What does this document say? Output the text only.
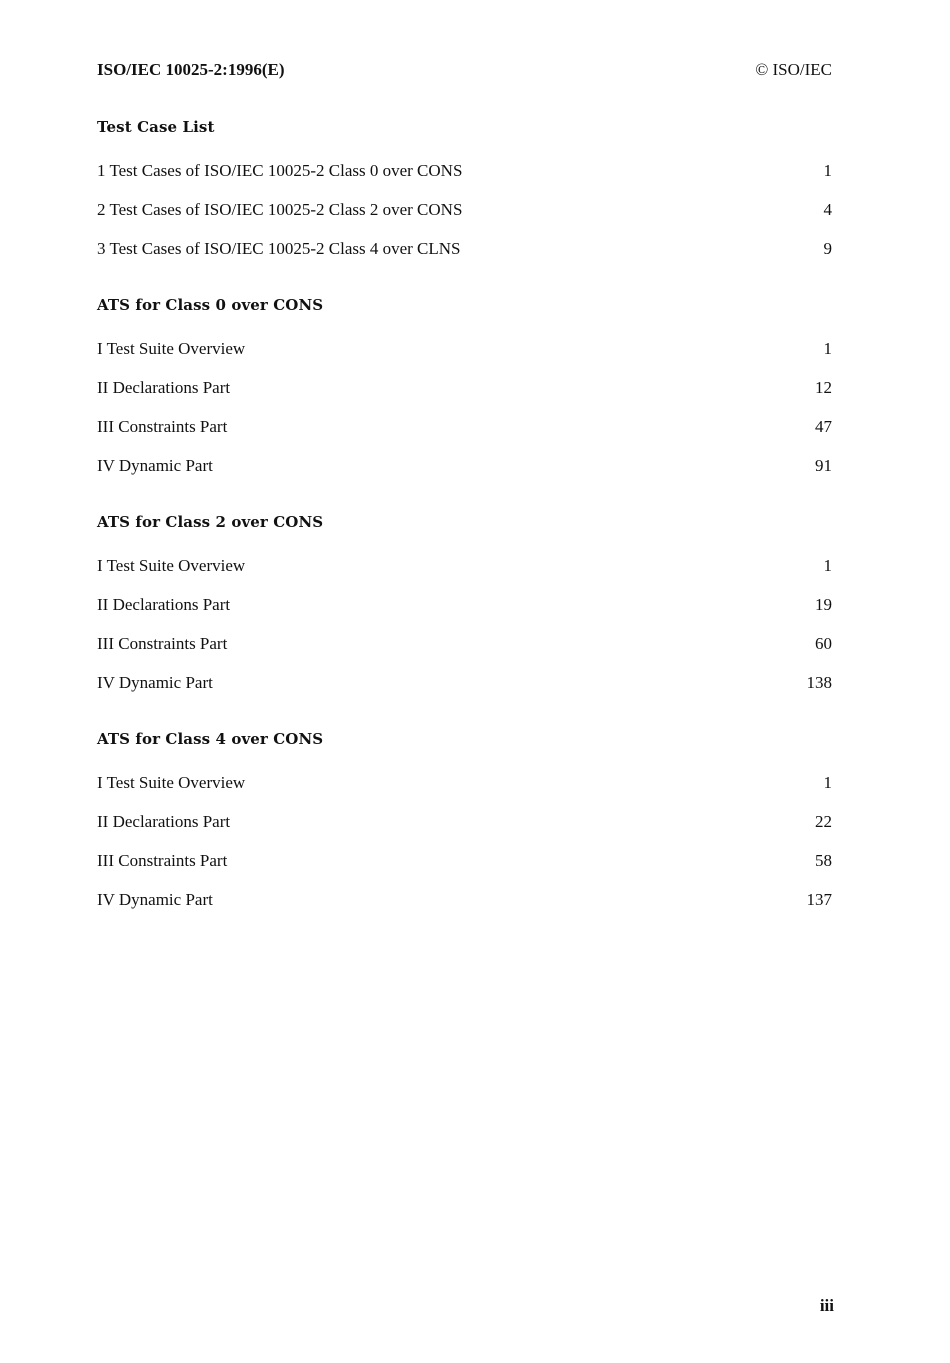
ISO/IEC 10025-2:1996(E)	© ISO/IEC
Test Case List
1 Test Cases of ISO/IEC 10025-2 Class 0 over CONS	1
2 Test Cases of ISO/IEC 10025-2 Class 2 over CONS	4
3 Test Cases of ISO/IEC 10025-2 Class 4 over CLNS	9
ATS for Class 0 over CONS
I Test Suite Overview	1
II Declarations Part	12
III Constraints Part	47
IV Dynamic Part	91
ATS for Class 2 over CONS
I Test Suite Overview	1
II Declarations Part	19
III Constraints Part	60
IV Dynamic Part	138
ATS for Class 4 over CONS
I Test Suite Overview	1
II Declarations Part	22
III Constraints Part	58
IV Dynamic Part	137
iii
